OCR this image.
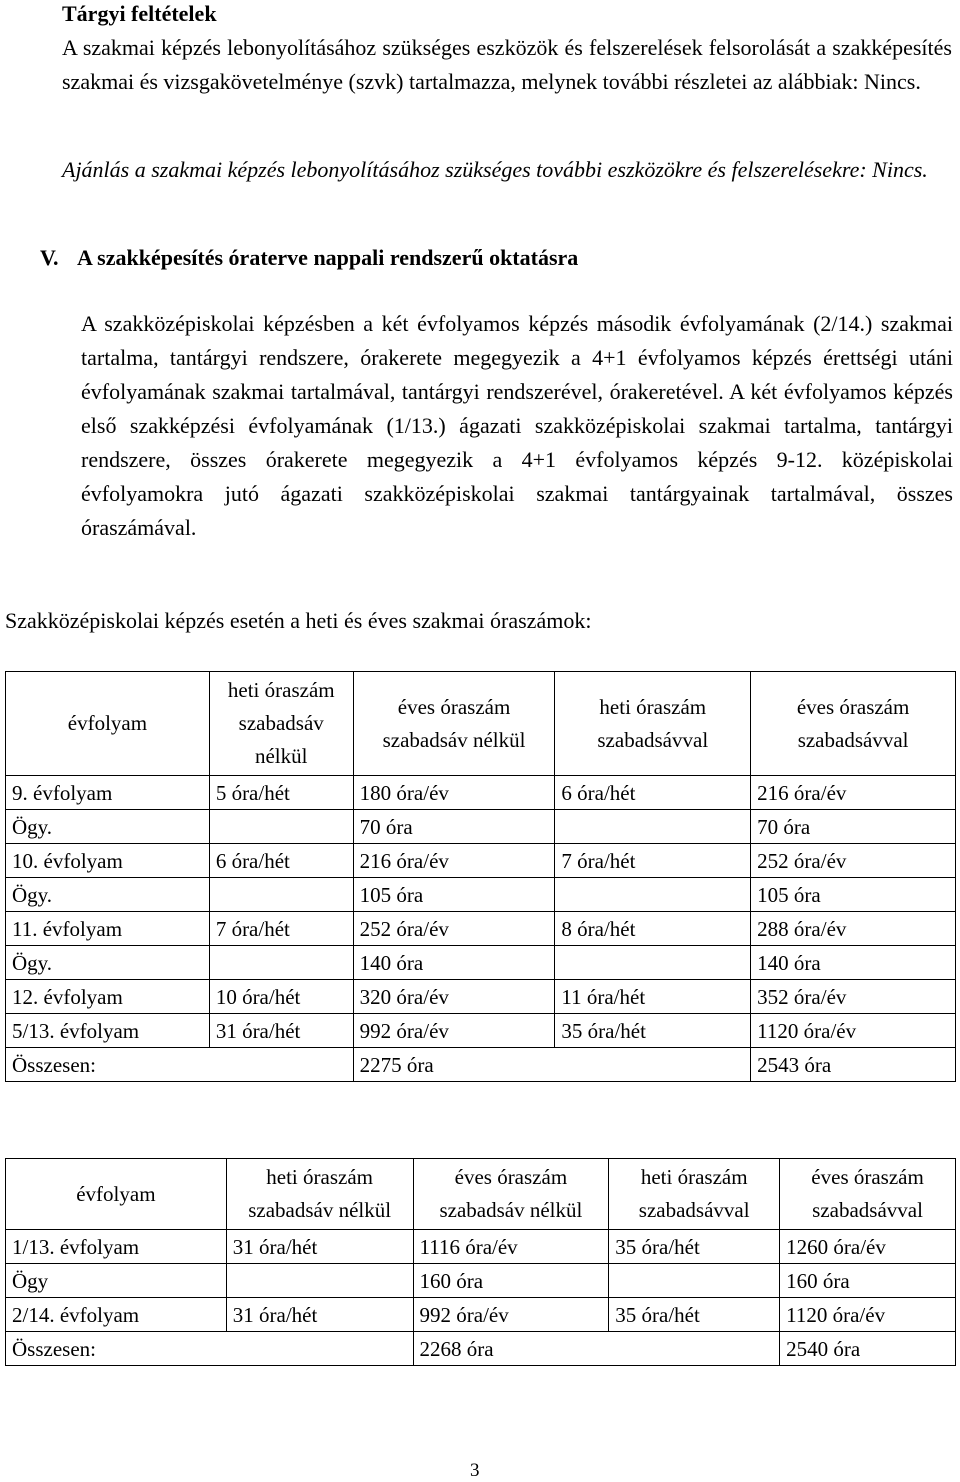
Tárgyi feltételek
A szakmai képzés lebonyolításához szükséges eszközök és felszerelések felsorolását a szakképesítés szakmai és vizsgakövetelménye (szvk) tartalmazza, melynek további részletei az alábbiak: Nincs.
Ajánlás a szakmai képzés lebonyolításához szükséges további eszközökre és felszerelésekre: Nincs.
V. A szakképesítés óraterve nappali rendszerű oktatásra
A szakközépiskolai képzésben a két évfolyamos képzés második évfolyamának (2/14.) szakmai tartalma, tantárgyi rendszere, órakerete megegyezik a 4+1 évfolyamos képzés érettségi utáni évfolyamának szakmai tartalmával, tantárgyi rendszerével, órakeretével. A két évfolyamos képzés első szakképzési évfolyamának (1/13.) ágazati szakközépiskolai szakmai tartalma, tantárgyi rendszere, összes órakerete megegyezik a 4+1 évfolyamos képzés 9-12. középiskolai évfolyamokra jutó ágazati szakközépiskolai szakmai tantárgyainak tartalmával, összes óraszámával.
Szakközépiskolai képzés esetén a heti és éves szakmai óraszámok:
évfolyam	heti óraszám szabadsáv nélkül	éves óraszám szabadsáv nélkül	heti óraszám szabadsávval	éves óraszám szabadsávval
9. évfolyam	5 óra/hét	180 óra/év	6 óra/hét	216 óra/év
Ögy.		70 óra		70 óra
10. évfolyam	6 óra/hét	216 óra/év	7 óra/hét	252 óra/év
Ögy.		105 óra		105 óra
11. évfolyam	7 óra/hét	252 óra/év	8 óra/hét	288 óra/év
Ögy.		140 óra		140 óra
12. évfolyam	10 óra/hét	320 óra/év	11 óra/hét	352 óra/év
5/13. évfolyam	31 óra/hét	992 óra/év	35 óra/hét	1120 óra/év
Összesen:		2275 óra		2543 óra
évfolyam	heti óraszám szabadsáv nélkül	éves óraszám szabadsáv nélkül	heti óraszám szabadsávval	éves óraszám szabadsávval
1/13. évfolyam	31 óra/hét	1116 óra/év	35 óra/hét	1260 óra/év
Ögy		160 óra		160 óra
2/14. évfolyam	31 óra/hét	992 óra/év	35 óra/hét	1120 óra/év
Összesen:		2268 óra		2540 óra
3
